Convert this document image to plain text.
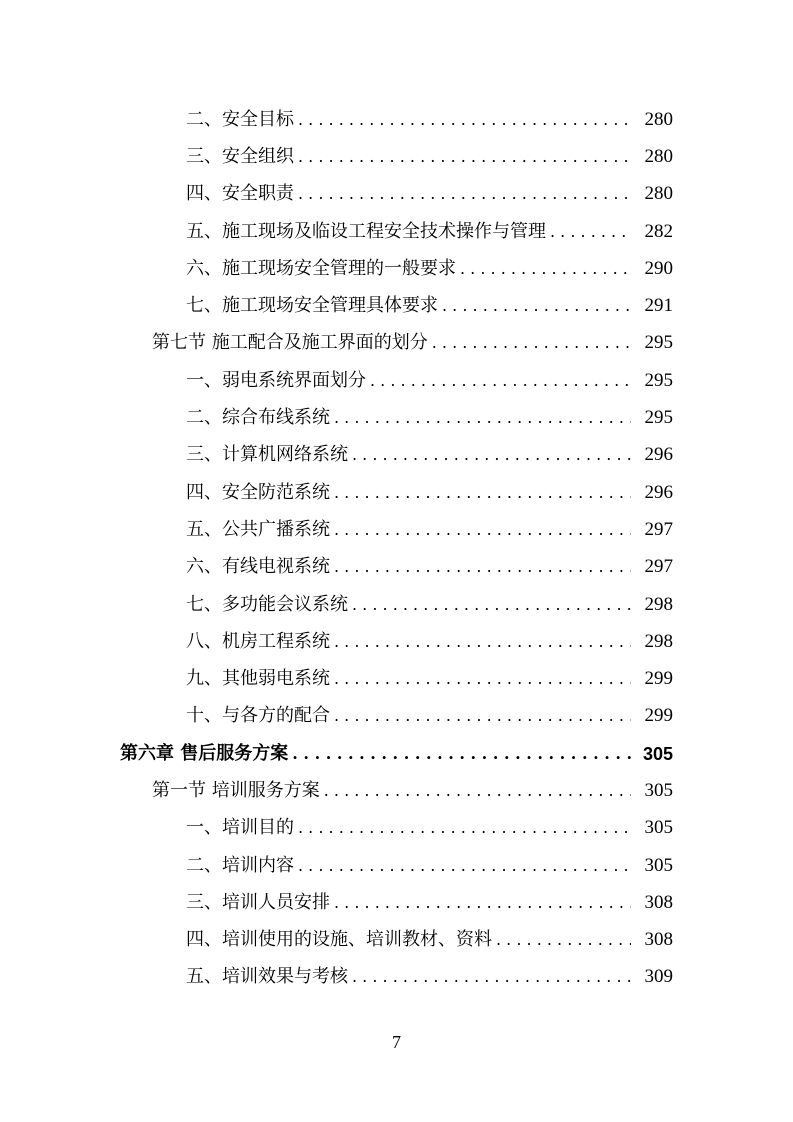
二、安全目标 . . .	280
三、安全组织 . . .	280
四、安全职责 . . .	280
五、施工现场及临设工程安全技术操作与管理 . . .	282
六、施工现场安全管理的一般要求 . . .	290
七、施工现场安全管理具体要求 . . .	291
第七节 施工配合及施工界面的划分 . . .	295
一、弱电系统界面划分 . . .	295
二、综合布线系统 . . .	295
三、计算机网络系统 . . .	296
四、安全防范系统 . . .	296
五、公共广播系统 . . .	297
六、有线电视系统 . . .	297
七、多功能会议系统 . . .	298
八、机房工程系统 . . .	298
九、其他弱电系统 . . .	299
十、与各方的配合 . . .	299
第六章 售后服务方案 . . .	305
第一节 培训服务方案 . . .	305
一、培训目的 . . .	305
二、培训内容 . . .	305
三、培训人员安排 . . .	308
四、培训使用的设施、培训教材、资料 . . .	308
五、培训效果与考核 . . .	309
7
